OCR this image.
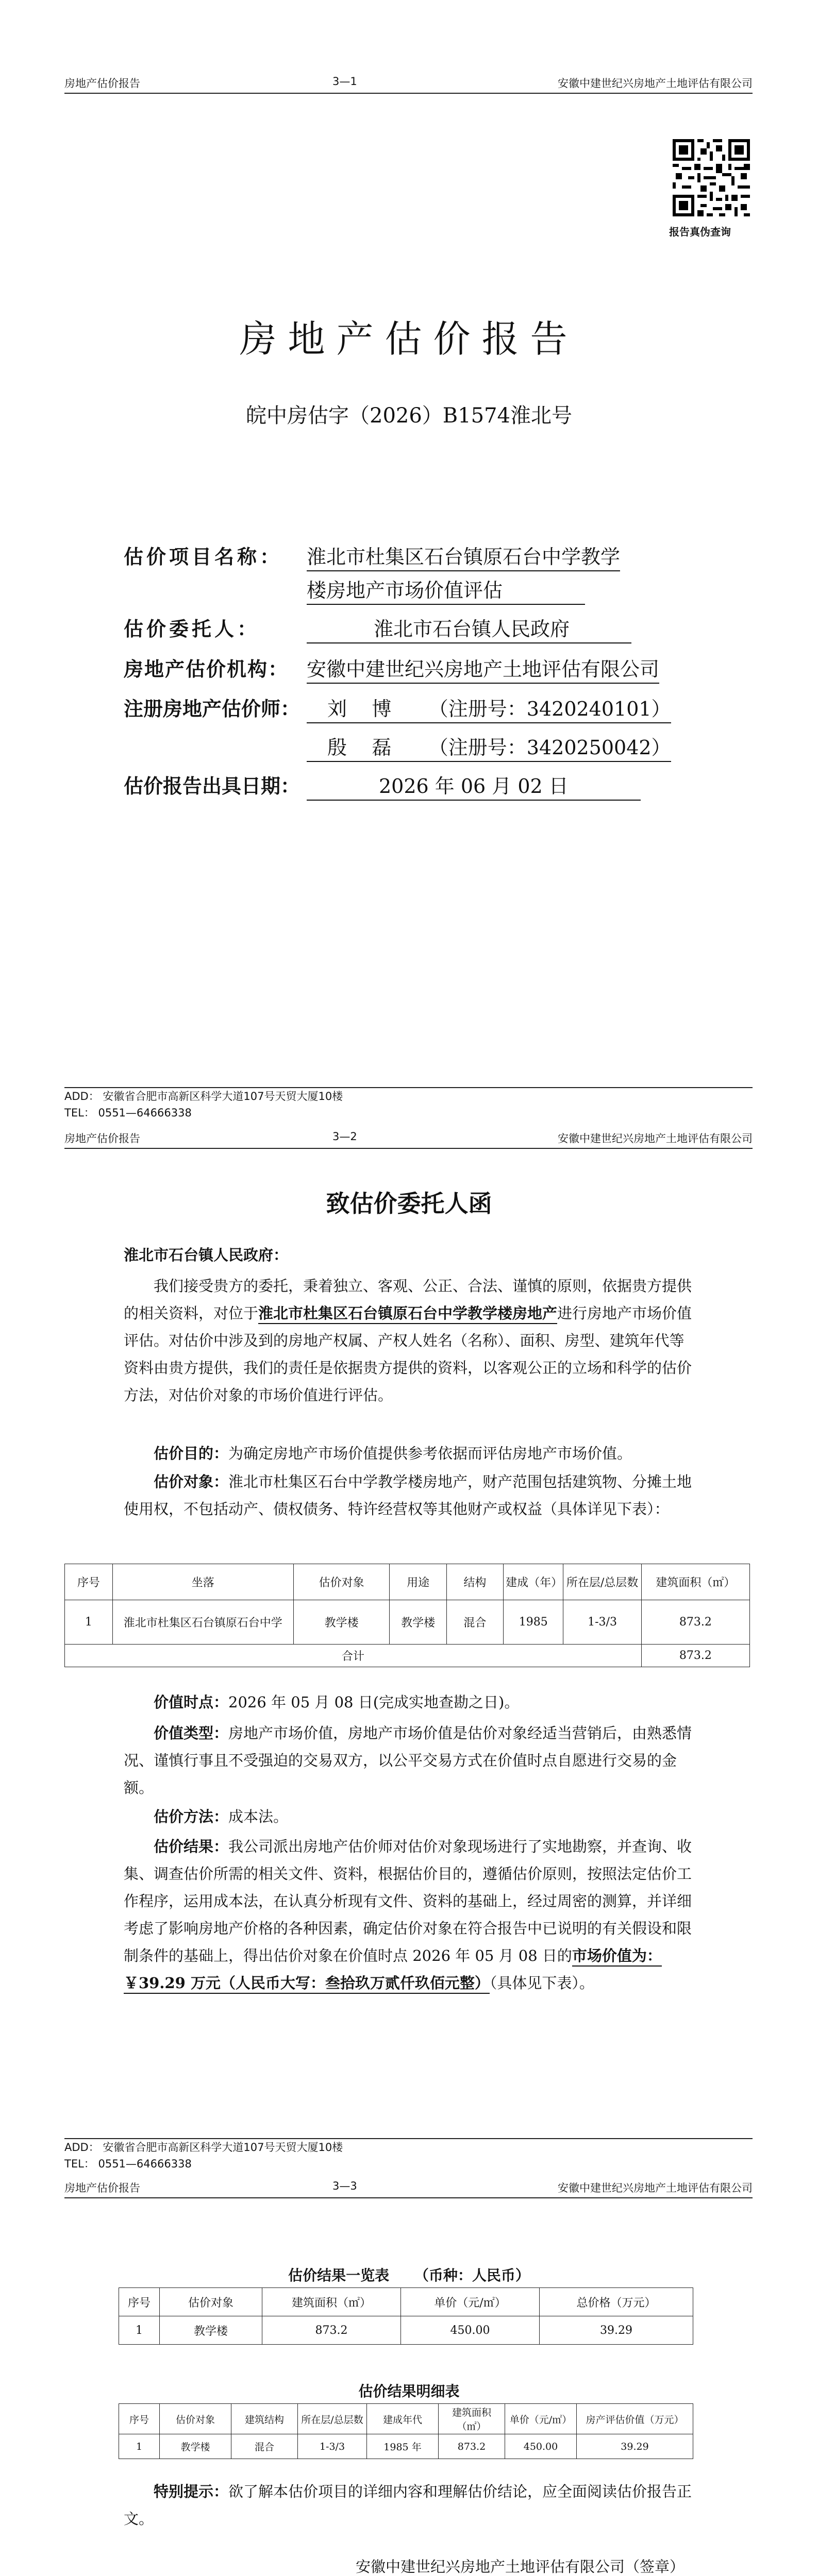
房地产估价报告	3—1	安徽中建世纪兴房地产土地评估有限公司
报告真伪查询
房地产估价报告
皖中房估字（2026）B1574淮北号
估价项目名称： 淮北市杜集区石台镇原石台中学教学
楼房地产市场价值评估
估价委托人：	淮北市石台镇人民政府
房地产估价机构： 安徽中建世纪兴房地产土地评估有限公司
注册房地产估价师：	刘    博      （注册号：3420240101）
殷    磊      （注册号：3420250042）
估价报告出具日期：	2026 年 06 月 02 日
ADD： 安徽省合肥市高新区科学大道107号天贸大厦10楼
TEL： 0551—64666338
房地产估价报告	3—2	安徽中建世纪兴房地产土地评估有限公司
致估价委托人函
淮北市石台镇人民政府：
我们接受贵方的委托，秉着独立、客观、公正、合法、谨慎的原则，依据贵方提供的相关资料，对位于淮北市杜集区石台镇原石台中学教学楼房地产进行房地产市场价值评估。对估价中涉及到的房地产权属、产权人姓名（名称）、面积、房型、建筑年代等资料由贵方提供，我们的责任是依据贵方提供的资料，以客观公正的立场和科学的估价方法，对估价对象的市场价值进行评估。
估价目的：为确定房地产市场价值提供参考依据而评估房地产市场价值。
估价对象：淮北市杜集区石台中学教学楼房地产，财产范围包括建筑物、分摊土地使用权，不包括动产、债权债务、特许经营权等其他财产或权益（具体详见下表）：
序号	坐落	估价对象	用途	结构	建成（年）	所在层/总层数	建筑面积（㎡）
1	淮北市杜集区石台镇原石台中学	教学楼	教学楼	混合	1985	1-3/3	873.2
合计							873.2
价值时点：2026 年 05 月 08 日(完成实地查勘之日)。
价值类型：房地产市场价值，房地产市场价值是估价对象经适当营销后，由熟悉情况、谨慎行事且不受强迫的交易双方，以公平交易方式在价值时点自愿进行交易的金额。
估价方法：成本法。
估价结果：我公司派出房地产估价师对估价对象现场进行了实地勘察，并查询、收集、调查估价所需的相关文件、资料，根据估价目的，遵循估价原则，按照法定估价工作程序，运用成本法，在认真分析现有文件、资料的基础上，经过周密的测算，并详细考虑了影响房地产价格的各种因素，确定估价对象在符合报告中已说明的有关假设和限制条件的基础上，得出估价对象在价值时点 2026 年 05 月 08 日的市场价值为：￥39.29 万元（人民币大写：叁拾玖万贰仟玖佰元整）（具体见下表）。
ADD： 安徽省合肥市高新区科学大道107号天贸大厦10楼
TEL： 0551—64666338
房地产估价报告	3—3	安徽中建世纪兴房地产土地评估有限公司
估价结果一览表     （币种：人民币）
序号	估价对象	建筑面积（㎡）	单价（元/㎡）	总价格（万元）
1	教学楼	873.2	450.00	39.29
估价结果明细表
序号	估价对象	建筑结构	所在层/总层数	建成年代	建筑面积（㎡）	单价（元/㎡）	房产评估价值（万元）
1	教学楼	混合	1-3/3	1985 年	873.2	450.00	39.29
特别提示：欲了解本估价项目的详细内容和理解估价结论，应全面阅读估价报告正文。
安徽中建世纪兴房地产土地评估有限公司（签章）
